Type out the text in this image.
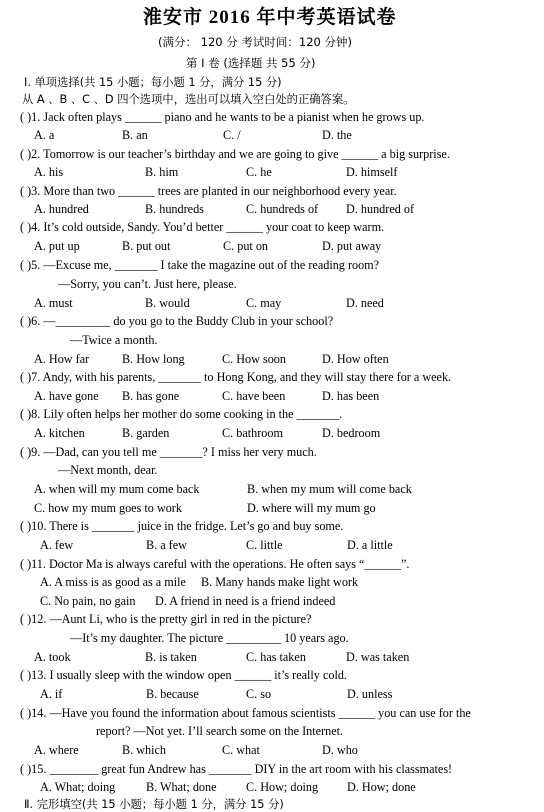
淮安市 2016 年中考英语试卷
(满分： 120 分 考试时间：120 分钟)
第 Ⅰ 卷 (选择题 共 55 分)
Ⅰ. 单项选择(共 15 小题；每小题 1 分，满分 15 分)
从 A 、B 、C 、D 四个选项中，选出可以填入空白处的正确答案。
( )1. Jack often plays ______ piano and he wants to be a pianist when he grows up.
A. a	B. an	C. /	D. the
( )2. Tomorrow is our teacher’s birthday and we are going to give ______ a big surprise.
A. his	B. him	C. he	D. himself
( )3. More than two ______ trees are planted in our neighborhood every year.
A. hundred	B. hundreds	C. hundreds of D. hundred of
( )4. It’s cold outside, Sandy. You’d better ______ your coat to keep warm.
A. put up	B. put out	C. put on	D. put away
( )5. —Excuse me, _______ I take the magazine out of the reading room?
—Sorry, you can’t. Just here, please.
A. must	B. would	C. may	D. need
( )6. —_________ do you go to the Buddy Club in your school?
—Twice a month.
A. How far	B. How long	C. How soon	D. How often
( )7. Andy, with his parents, _______ to Hong Kong, and they will stay there for a week.
A. have gone B. has gone	C. have been	D. has been
( )8. Lily often helps her mother do some cooking in the _______.
A. kitchen	B. garden	C. bathroom	D. bedroom
( )9. —Dad, can you tell me _______? I miss her very much.
—Next month, dear.
A. when will my mum come back	B. when my mum will come back
C. how my mum goes to work	D. where will my mum go
( )10. There is _______ juice in the fridge. Let’s go and buy some.
A. few	B. a few	C. little	D. a little
( )11. Doctor Ma is always careful with the operations. He often says “______”.
A. A miss is as good as a mile B. Many hands make light work
C. No pain, no gain D. A friend in need is a friend indeed
( )12. —Aunt Li, who is the pretty girl in red in the picture?
—It’s my daughter. The picture _________ 10 years ago.
A. took	B. is taken	C. has taken	D. was taken
( )13. I usually sleep with the window open ______ it’s really cold.
A. if	B. because	C. so	D. unless
( )14. —Have you found the information about famous scientists ______ you can use for the
report? —Not yet. I’ll search some on the Internet.
A. where	B. which	C. what	D. who
( )15. ________ great fun Andrew has _______ DIY in the art room with his classmates!
A. What; doing	B. What; done C. How; doing D. How; done
Ⅱ. 完形填空(共 15 小题；每小题 1 分，满分 15 分)
